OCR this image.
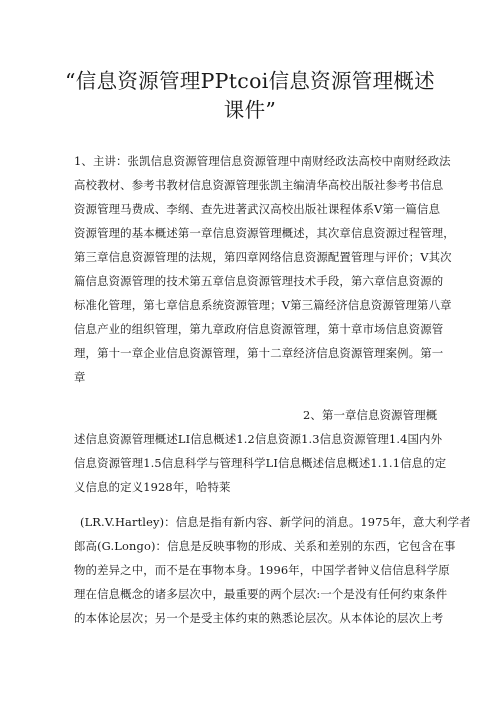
“信息资源管理PPtcoi信息资源管理概述
课件”
1、主讲：张凯信息资源管理信息资源管理中南财经政法高校中南财经政法
高校教材、参考书教材信息资源管理张凯主编清华高校出版社参考书信息
资源管理马费成、李纲、查先进著武汉高校出版社课程体系V第一篇信息
资源管理的基本概述第一章信息资源管理概述，其次章信息资源过程管理，
第三章信息资源管理的法规，第四章网络信息资源配置管理与评价；V其次
篇信息资源管理的技术第五章信息资源管理技术手段，第六章信息资源的
标准化管理，第七章信息系统资源管理；V第三篇经济信息资源管理第八章
信息产业的组织管理，第九章政府信息资源管理，第十章市场信息资源管
理，第十一章企业信息资源管理，第十二章经济信息资源管理案例。第一
章
2、第一章信息资源管理概
述信息资源管理概述LI信息概述1.2信息资源1.3信息资源管理1.4国内外
信息资源管理1.5信息科学与管理科学LI信息概述信息概述1.1.1信息的定
义信息的定义1928年，哈特莱
(LR.V.Hartley)：信息是指有新内容、新学问的消息。1975年，意大利学者
郎高(G.Longo)：信息是反映事物的形成、关系和差别的东西，它包含在事
物的差异之中，而不是在事物本身。1996年，中国学者钟义信信息科学原
理在信息概念的诸多层次中，最重要的两个层次:一个是没有任何约束条件
的本体论层次；另一个是受主体约束的熟悉论层次。从本体论的层次上考
